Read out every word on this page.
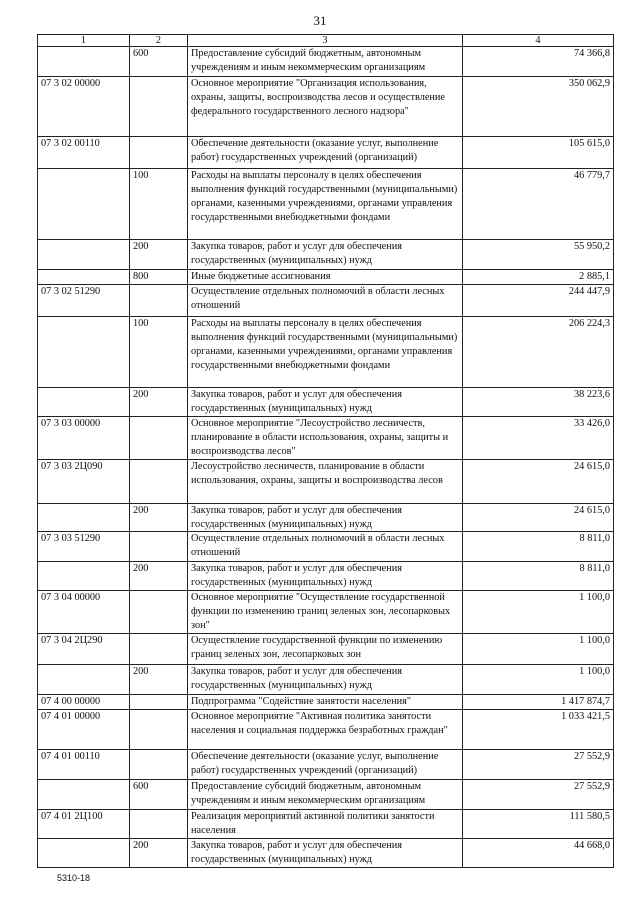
31
1	2	3	4
	600	Предоставление субсидий бюджетным, автономным учреждениям и иным некоммерческим организациям	74 366,8
07 3 02 00000		Основное мероприятие "Организация использования, охраны, защиты, воспроизводства лесов и осуществление федерального государственного лесного надзора"	350 062,9
07 3 02 00110		Обеспечение деятельности (оказание услуг, выполнение работ) государственных учреждений (организаций)	105 615,0
	100	Расходы на выплаты персоналу в целях обеспечения выполнения функций государственными (муниципальными) органами, казенными учреждениями, органами управления государственными внебюджетными фондами	46 779,7
	200	Закупка товаров, работ и услуг для обеспечения государственных (муниципальных) нужд	55 950,2
	800	Иные бюджетные ассигнования	2 885,1
07 3 02 51290		Осуществление отдельных полномочий в области лесных отношений	244 447,9
	100	Расходы на выплаты персоналу в целях обеспечения выполнения функций государственными (муниципальными) органами, казенными учреждениями, органами управления государственными внебюджетными фондами	206 224,3
	200	Закупка товаров, работ и услуг для обеспечения государственных (муниципальных) нужд	38 223,6
07 3 03 00000		Основное мероприятие "Лесоустройство лесничеств, планирование в области использования, охраны, защиты и воспроизводства лесов"	33 426,0
07 3 03 2Ц090		Лесоустройство лесничеств, планирование в области использования, охраны, защиты и воспроизводства лесов	24 615,0
	200	Закупка товаров, работ и услуг для обеспечения государственных (муниципальных) нужд	24 615,0
07 3 03 51290		Осуществление отдельных полномочий в области лесных отношений	8 811,0
	200	Закупка товаров, работ и услуг для обеспечения государственных (муниципальных) нужд	8 811,0
07 3 04 00000		Основное мероприятие "Осуществление государственной функции по изменению границ зеленых зон, лесопарковых зон"	1 100,0
07 3 04 2Ц290		Осуществление государственной функции по изменению границ зеленых зон, лесопарковых зон	1 100,0
	200	Закупка товаров, работ и услуг для обеспечения государственных (муниципальных) нужд	1 100,0
07 4 00 00000		Подпрограмма "Содействие занятости населения"	1 417 874,7
07 4 01 00000		Основное мероприятие "Активная политика занятости населения и социальная поддержка безработных граждан"	1 033 421,5
07 4 01 00110		Обеспечение деятельности (оказание услуг, выполнение работ) государственных учреждений (организаций)	27 552,9
	600	Предоставление субсидий бюджетным, автономным учреждениям и иным некоммерческим организациям	27 552,9
07 4 01 2Ц100		Реализация мероприятий активной политики занятости населения	111 580,5
	200	Закупка товаров, работ и услуг для обеспечения государственных (муниципальных) нужд	44 668,0
5310-18
